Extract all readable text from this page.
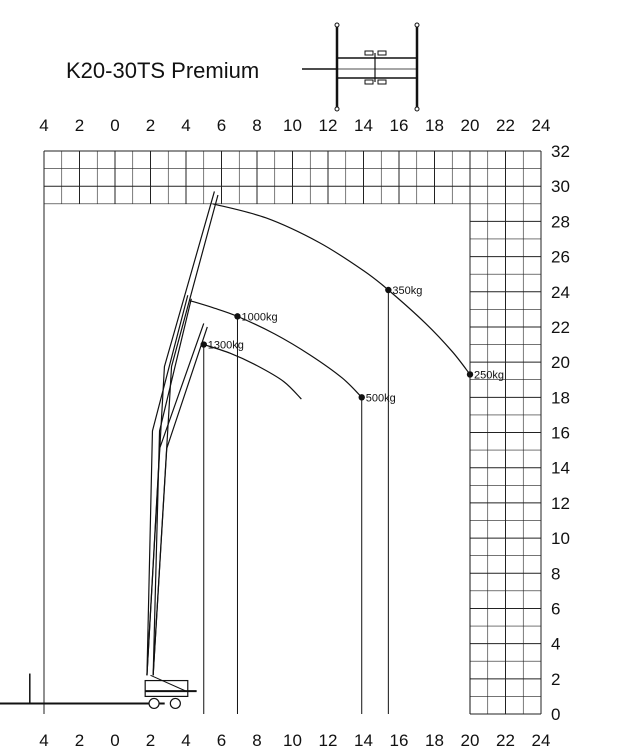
K20-30TS Premium
1300kg
1000kg
500kg
350kg
250kg
4 2 0 2 4 6 8 10 12 14 16 18 20 22 24
4 2 0 2 4 6 8 10 12 14 16 18 20 22 24
0
2
4
6
8
10
12
14
16
18
20
22
24
26
28
30
32
